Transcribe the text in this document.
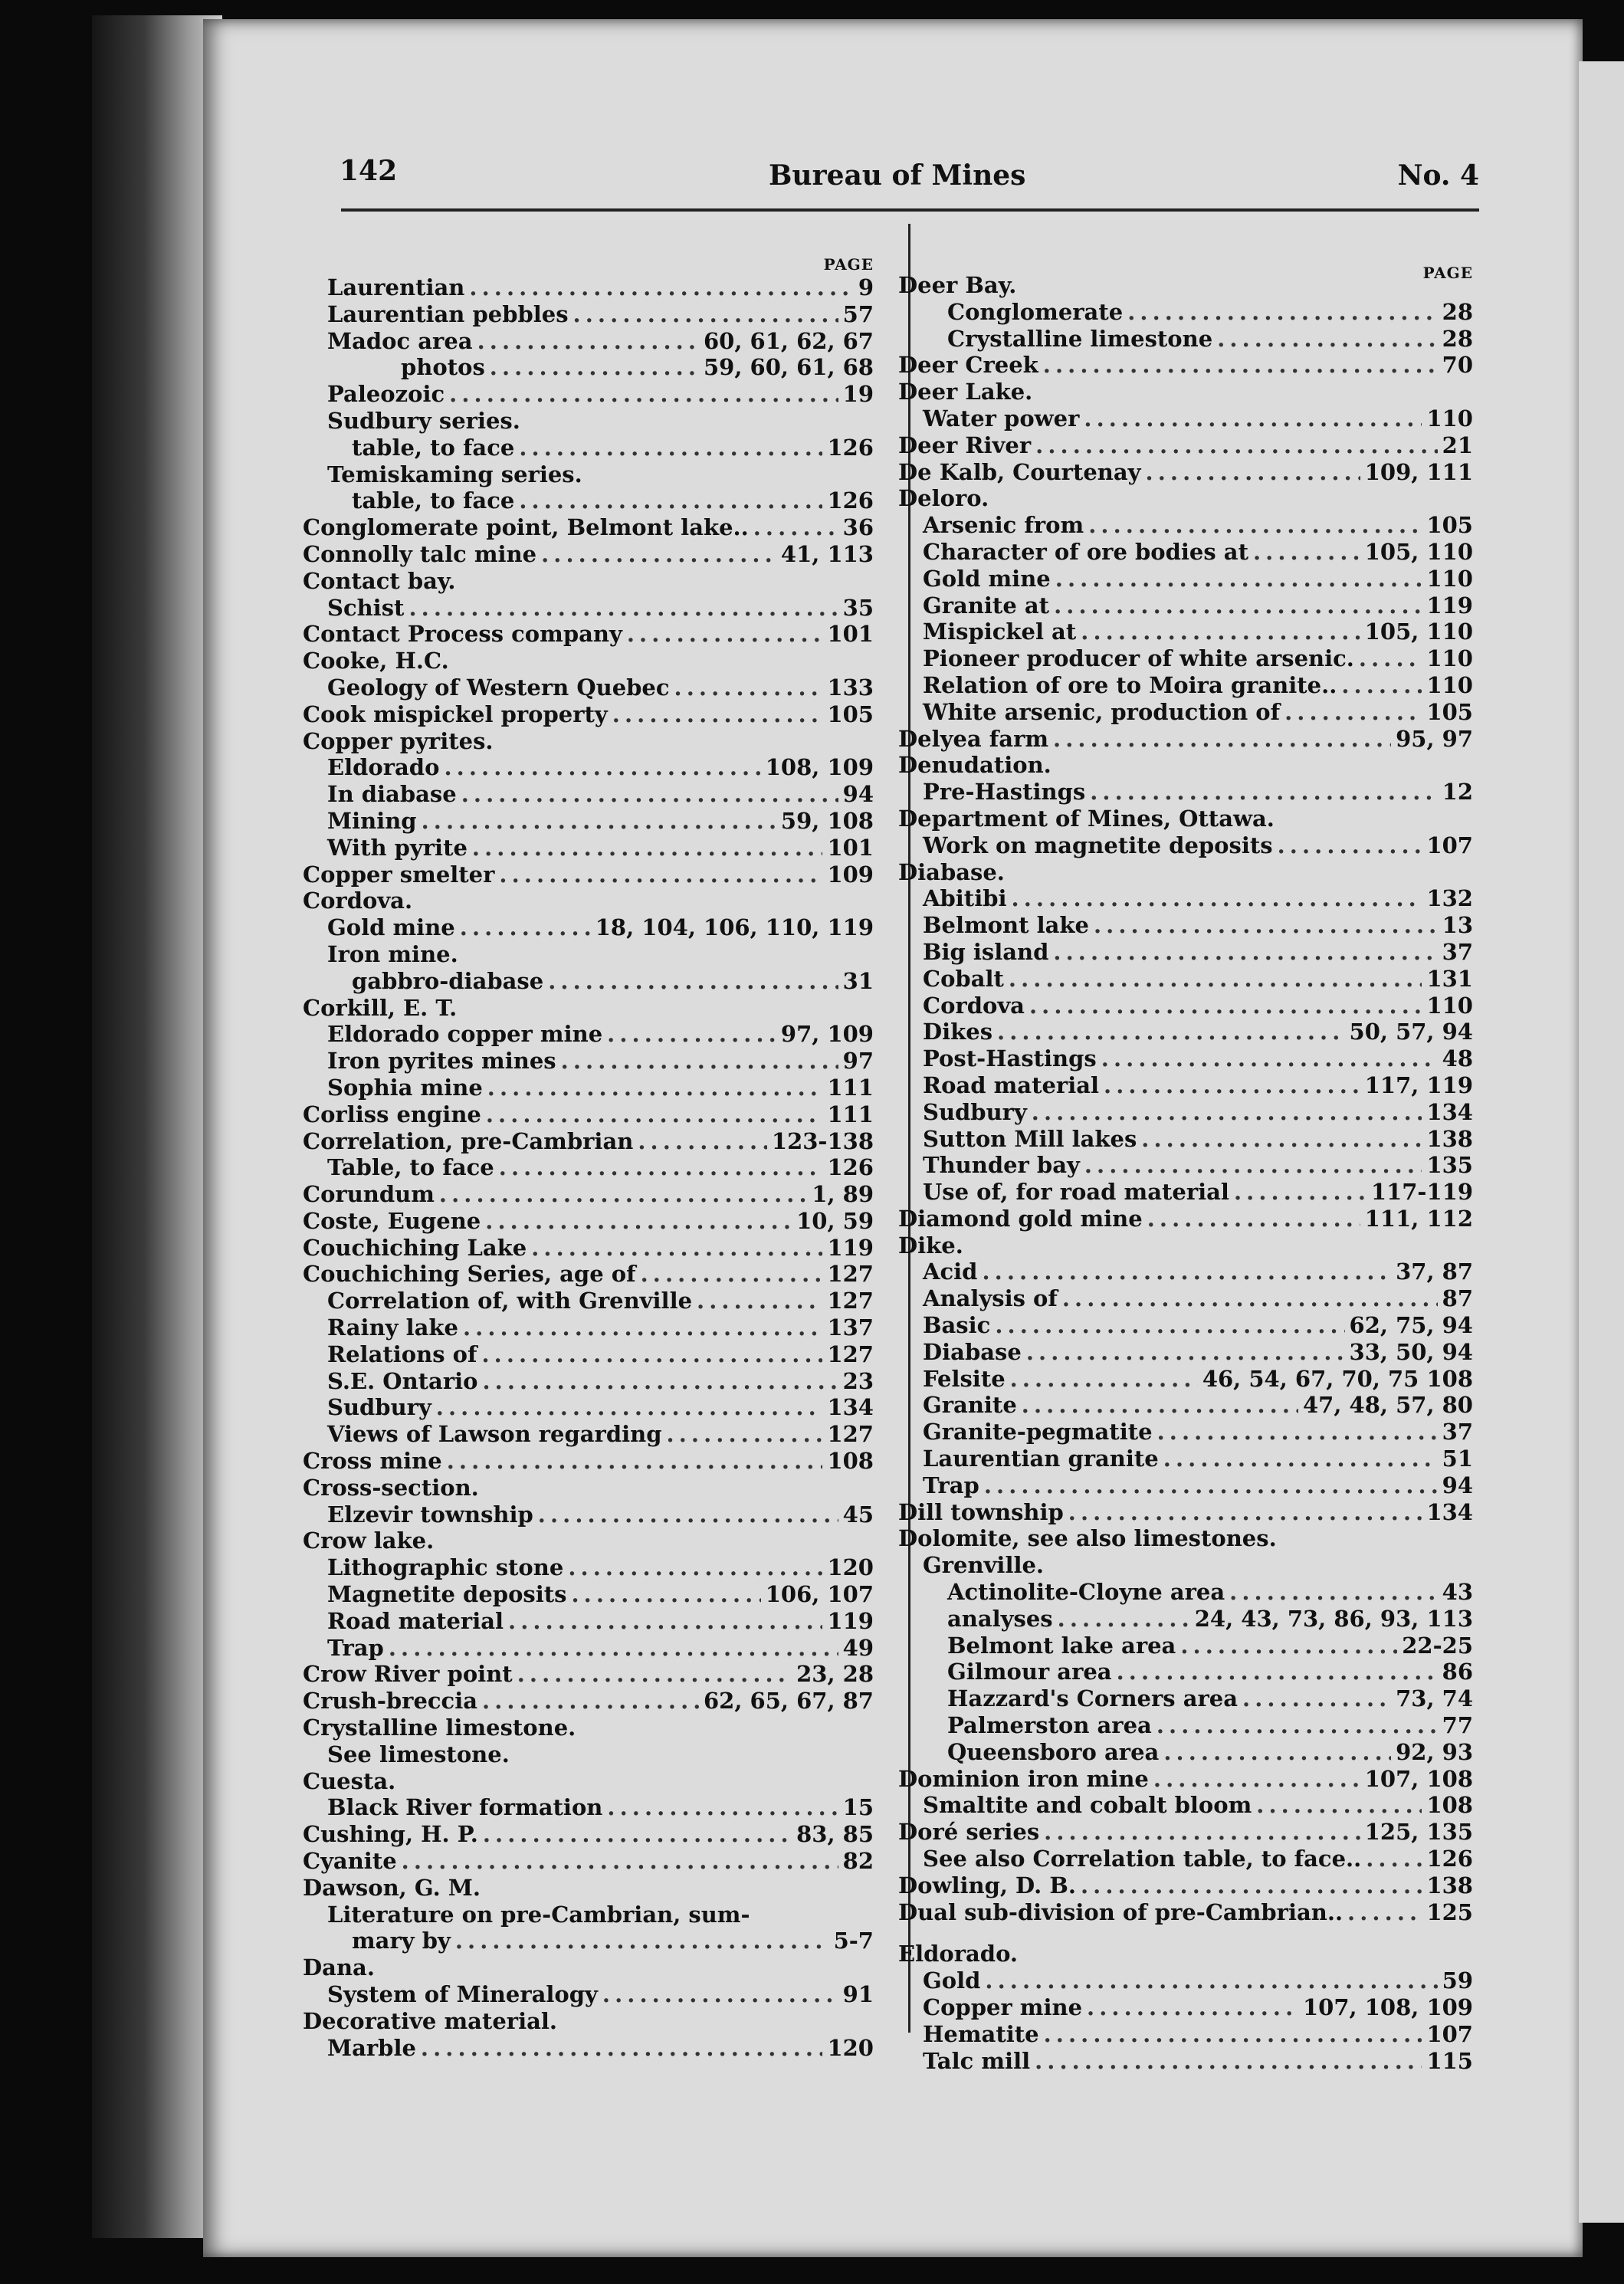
142	Bureau of Mines	No. 4
PAGE
Laurentian . . .	9
Laurentian pebbles . . .	57
Madoc area . . .	60, 61, 62, 67
photos . . .	59, 60, 61, 68
Paleozoic . . .	19
Sudbury series.
table, to face . . .	126
Temiskaming series.
table, to face . . .	126
Conglomerate point, Belmont lake.. . . .	36
Connolly talc mine . . .	41, 113
Contact bay.
Schist . . .	35
Contact Process company . . .	101
Cooke, H.C.
Geology of Western Quebec . . .	133
Cook mispickel property . . .	105
Copper pyrites.
Eldorado . . .	108, 109
In diabase . . .	94
Mining . . .	59, 108
With pyrite . . .	101
Copper smelter . . .	109
Cordova.
Gold mine . . .	18, 104, 106, 110, 119
Iron mine.
gabbro-diabase . . .	31
Corkill, E. T.
Eldorado copper mine . . .	97, 109
Iron pyrites mines . . .	97
Sophia mine . . .	111
Corliss engine . . .	111
Correlation, pre-Cambrian . . .	123-138
Table, to face . . .	126
Corundum . . .	1, 89
Coste, Eugene . . .	10, 59
Couchiching Lake . . .	119
Couchiching Series, age of . . .	127
Correlation of, with Grenville . . .	127
Rainy lake . . .	137
Relations of . . .	127
S.E. Ontario . . .	23
Sudbury . . .	134
Views of Lawson regarding . . .	127
Cross mine . . .	108
Cross-section.
Elzevir township . . .	45
Crow lake.
Lithographic stone . . .	120
Magnetite deposits . . .	106, 107
Road material . . .	119
Trap . . .	49
Crow River point . . .	23, 28
Crush-breccia . . .	62, 65, 67, 87
Crystalline limestone.
See limestone.
Cuesta.
Black River formation . . .	15
Cushing, H. P. . . .	83, 85
Cyanite . . .	82
Dawson, G. M.
Literature on pre-Cambrian, sum-
mary by . . .	5-7
Dana.
System of Mineralogy . . .	91
Decorative material.
Marble . . .	120
PAGE
Deer Bay.
Conglomerate . . .	28
Crystalline limestone . . .	28
Deer Creek . . .	70
Deer Lake.
Water power . . .	110
Deer River . . .	21
De Kalb, Courtenay . . .	109, 111
Deloro.
Arsenic from . . .	105
Character of ore bodies at . . .	105, 110
Gold mine . . .	110
Granite at . . .	119
Mispickel at . . .	105, 110
Pioneer producer of white arsenic. . . .	110
Relation of ore to Moira granite.. . . .	110
White arsenic, production of . . .	105
Delyea farm . . .	95, 97
Denudation.
Pre-Hastings . . .	12
Department of Mines, Ottawa.
Work on magnetite deposits . . .	107
Diabase.
Abitibi . . .	132
Belmont lake . . .	13
Big island . . .	37
Cobalt . . .	131
Cordova . . .	110
Dikes . . .	50, 57, 94
Post-Hastings . . .	48
Road material . . .	117, 119
Sudbury . . .	134
Sutton Mill lakes . . .	138
Thunder bay . . .	135
Use of, for road material . . .	117-119
Diamond gold mine . . .	111, 112
Dike.
Acid . . .	37, 87
Analysis of . . .	87
Basic . . .	62, 75, 94
Diabase . . .	33, 50, 94
Felsite . . .	46, 54, 67, 70, 75 108
Granite . . .	47, 48, 57, 80
Granite-pegmatite . . .	37
Laurentian granite . . .	51
Trap . . .	94
Dill township . . .	134
Dolomite, see also limestones.
Grenville.
Actinolite-Cloyne area . . .	43
analyses . . .	24, 43, 73, 86, 93, 113
Belmont lake area . . .	22-25
Gilmour area . . .	86
Hazzard's Corners area . . .	73, 74
Palmerston area . . .	77
Queensboro area . . .	92, 93
Dominion iron mine . . .	107, 108
Smaltite and cobalt bloom . . .	108
Doré series . . .	125, 135
See also Correlation table, to face.. . . .	126
Dowling, D. B. . . .	138
Dual sub-division of pre-Cambrian.. . . .	125
Eldorado.
Gold . . .	59
Copper mine . . .	107, 108, 109
Hematite . . .	107
Talc mill . . .	115
